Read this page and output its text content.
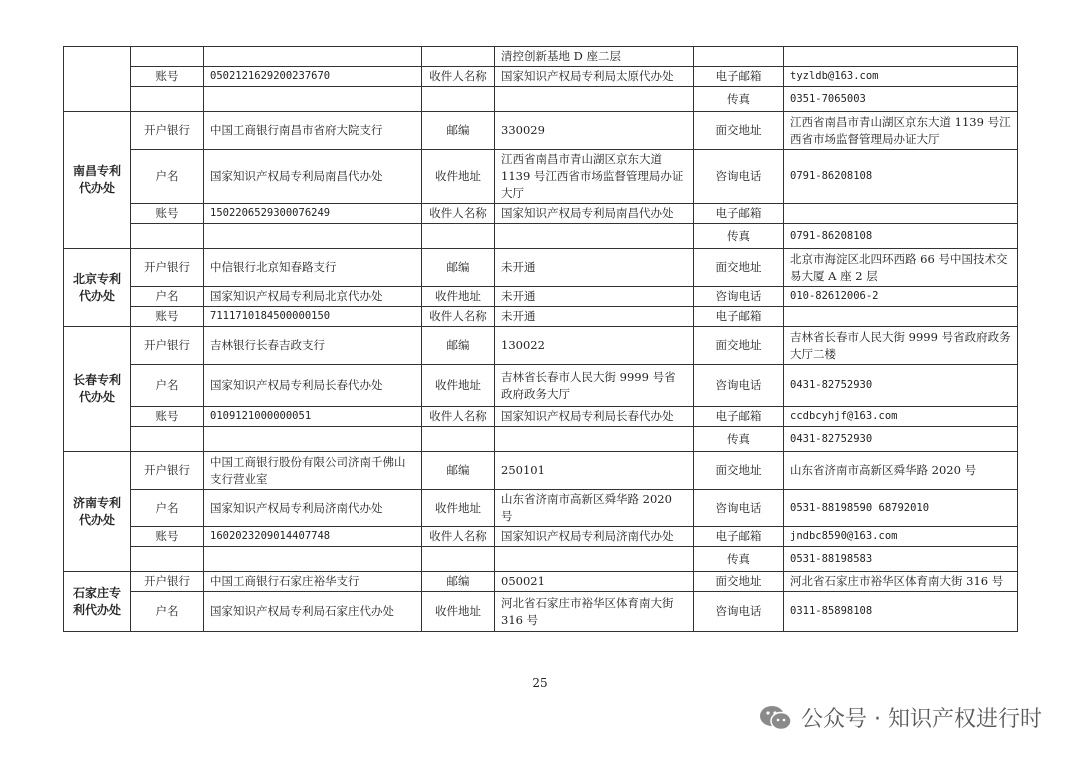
				清控创新基地 D 座二层		
	账号	0502121629200237670	收件人名称	国家知识产权局专利局太原代办处	电子邮箱	tyzldb@163.com
					传真	0351-7065003
南昌专利代办处	开户银行	中国工商银行南昌市省府大院支行	邮编	330029	面交地址	江西省南昌市青山湖区京东大道 1139 号江西省市场监督管理局办证大厅
	户名	国家知识产权局专利局南昌代办处	收件地址	江西省南昌市青山湖区京东大道 1139 号江西省市场监督管理局办证大厅	咨询电话	0791-86208108
	账号	1502206529300076249	收件人名称	国家知识产权局专利局南昌代办处	电子邮箱	
					传真	0791-86208108
北京专利代办处	开户银行	中信银行北京知春路支行	邮编	未开通	面交地址	北京市海淀区北四环西路 66 号中国技术交易大厦 A 座 2 层
	户名	国家知识产权局专利局北京代办处	收件地址	未开通	咨询电话	010-82612006-2
	账号	7111710184500000150	收件人名称	未开通	电子邮箱	
长春专利代办处	开户银行	吉林银行长春吉政支行	邮编	130022	面交地址	吉林省长春市人民大街 9999 号省政府政务大厅二楼
	户名	国家知识产权局专利局长春代办处	收件地址	吉林省长春市人民大街 9999 号省政府政务大厅	咨询电话	0431-82752930
	账号	0109121000000051	收件人名称	国家知识产权局专利局长春代办处	电子邮箱	ccdbcyhjf@163.com
					传真	0431-82752930
济南专利代办处	开户银行	中国工商银行股份有限公司济南千佛山支行营业室	邮编	250101	面交地址	山东省济南市高新区舜华路 2020 号
	户名	国家知识产权局专利局济南代办处	收件地址	山东省济南市高新区舜华路 2020 号	咨询电话	0531-88198590 68792010
	账号	1602023209014407748	收件人名称	国家知识产权局专利局济南代办处	电子邮箱	jndbc8590@163.com
					传真	0531-88198583
石家庄专利代办处	开户银行	中国工商银行石家庄裕华支行	邮编	050021	面交地址	河北省石家庄市裕华区体育南大街 316 号
	户名	国家知识产权局专利局石家庄代办处	收件地址	河北省石家庄市裕华区体育南大街 316 号	咨询电话	0311-85898108
25
公众号 · 知识产权进行时
